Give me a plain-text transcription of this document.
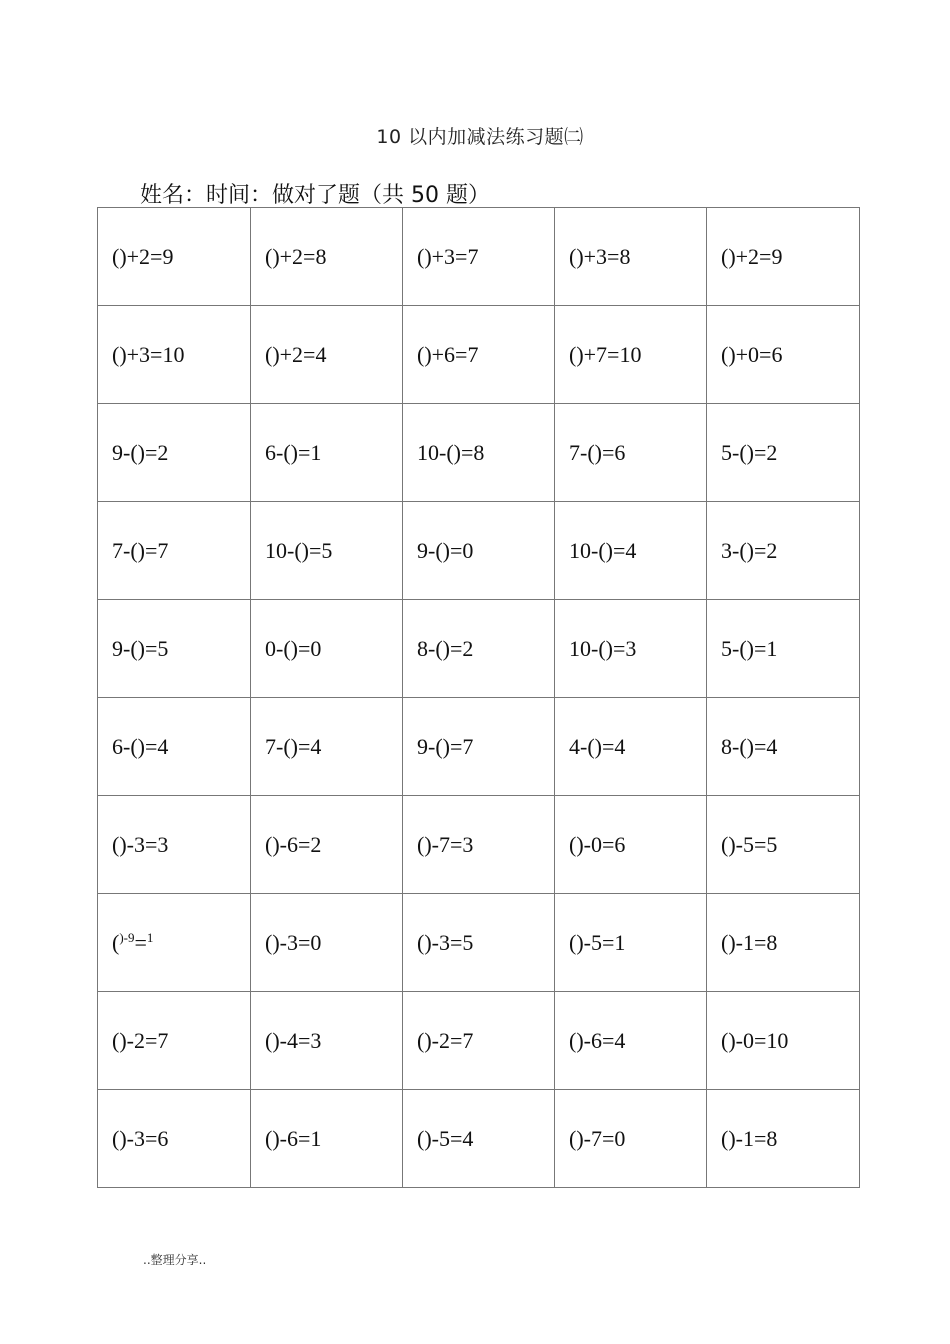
10 以内加减法练习题㈡
姓名：时间：做对了题（共 50 题）
()+2=9	()+2=8	()+3=7	()+3=8	()+2=9
()+3=10	()+2=4	()+6=7	()+7=10	()+0=6
9-()=2	6-()=1	10-()=8	7-()=6	5-()=2
7-()=7	10-()=5	9-()=0	10-()=4	3-()=2
9-()=5	0-()=0	8-()=2	10-()=3	5-()=1
6-()=4	7-()=4	9-()=7	4-()=4	8-()=4
()-3=3	()-6=2	()-7=3	()-0=6	()-5=5
($^{)-9}$=$^1$	()-3=0	()-3=5	()-5=1	()-1=8
()-2=7	()-4=3	()-2=7	()-6=4	()-0=10
()-3=6	()-6=1	()-5=4	()-7=0	()-1=8
..整理分享..
